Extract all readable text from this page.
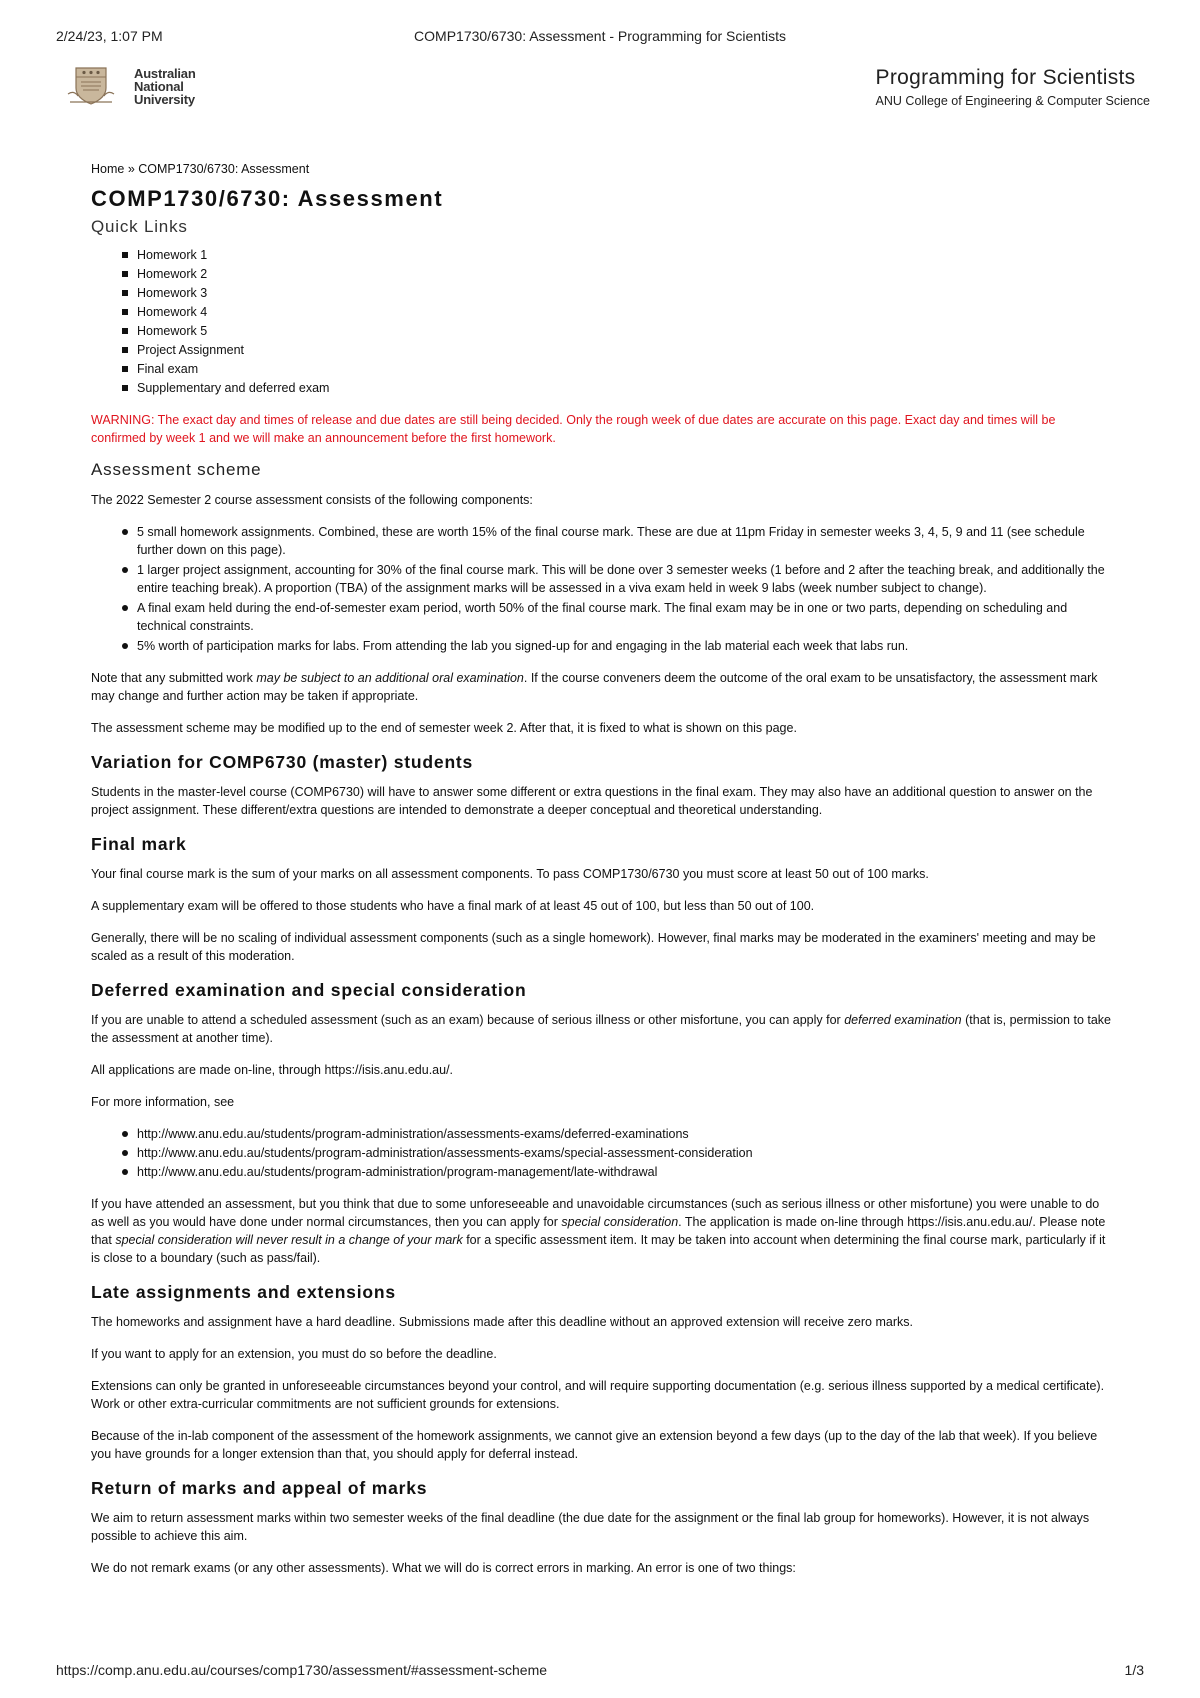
2/24/23, 1:07 PM	COMP1730/6730: Assessment - Programming for Scientists
Australian
National
University
Programming for Scientists
ANU College of Engineering & Computer Science
Home » COMP1730/6730: Assessment
COMP1730/6730: Assessment
Quick Links
Homework 1
Homework 2
Homework 3
Homework 4
Homework 5
Project Assignment
Final exam
Supplementary and deferred exam

WARNING: The exact day and times of release and due dates are still being decided. Only the rough week of due dates are accurate on this page. Exact day and times will be confirmed by week 1 and we will make an announcement before the first homework.

Assessment scheme

The 2022 Semester 2 course assessment consists of the following components:

5 small homework assignments. Combined, these are worth 15% of the final course mark. These are due at 11pm Friday in semester weeks 3, 4, 5, 9 and 11 (see schedule further down on this page).
1 larger project assignment, accounting for 30% of the final course mark. This will be done over 3 semester weeks (1 before and 2 after the teaching break, and additionally the entire teaching break). A proportion (TBA) of the assignment marks will be assessed in a viva exam held in week 9 labs (week number subject to change).
A final exam held during the end-of-semester exam period, worth 50% of the final course mark. The final exam may be in one or two parts, depending on scheduling and technical constraints.
5% worth of participation marks for labs. From attending the lab you signed-up for and engaging in the lab material each week that labs run.

Note that any submitted work may be subject to an additional oral examination. If the course conveners deem the outcome of the oral exam to be unsatisfactory, the assessment mark may change and further action may be taken if appropriate.

The assessment scheme may be modified up to the end of semester week 2. After that, it is fixed to what is shown on this page.

Variation for COMP6730 (master) students

Students in the master-level course (COMP6730) will have to answer some different or extra questions in the final exam. They may also have an additional question to answer on the project assignment. These different/extra questions are intended to demonstrate a deeper conceptual and theoretical understanding.

Final mark

Your final course mark is the sum of your marks on all assessment components. To pass COMP1730/6730 you must score at least 50 out of 100 marks.

A supplementary exam will be offered to those students who have a final mark of at least 45 out of 100, but less than 50 out of 100.

Generally, there will be no scaling of individual assessment components (such as a single homework). However, final marks may be moderated in the examiners' meeting and may be scaled as a result of this moderation.

Deferred examination and special consideration

If you are unable to attend a scheduled assessment (such as an exam) because of serious illness or other misfortune, you can apply for deferred examination (that is, permission to take the assessment at another time).

All applications are made on-line, through https://isis.anu.edu.au/.

For more information, see

http://www.anu.edu.au/students/program-administration/assessments-exams/deferred-examinations
http://www.anu.edu.au/students/program-administration/assessments-exams/special-assessment-consideration
http://www.anu.edu.au/students/program-administration/program-management/late-withdrawal

If you have attended an assessment, but you think that due to some unforeseeable and unavoidable circumstances (such as serious illness or other misfortune) you were unable to do as well as you would have done under normal circumstances, then you can apply for special consideration. The application is made on-line through https://isis.anu.edu.au/. Please note that special consideration will never result in a change of your mark for a specific assessment item. It may be taken into account when determining the final course mark, particularly if it is close to a boundary (such as pass/fail).

Late assignments and extensions

The homeworks and assignment have a hard deadline. Submissions made after this deadline without an approved extension will receive zero marks.

If you want to apply for an extension, you must do so before the deadline.

Extensions can only be granted in unforeseeable circumstances beyond your control, and will require supporting documentation (e.g. serious illness supported by a medical certificate). Work or other extra-curricular commitments are not sufficient grounds for extensions.

Because of the in-lab component of the assessment of the homework assignments, we cannot give an extension beyond a few days (up to the day of the lab that week). If you believe you have grounds for a longer extension than that, you should apply for deferral instead.

Return of marks and appeal of marks

We aim to return assessment marks within two semester weeks of the final deadline (the due date for the assignment or the final lab group for homeworks). However, it is not always possible to achieve this aim.

We do not remark exams (or any other assessments). What we will do is correct errors in marking. An error is one of two things:

https://comp.anu.edu.au/courses/comp1730/assessment/#assessment-scheme	1/3
